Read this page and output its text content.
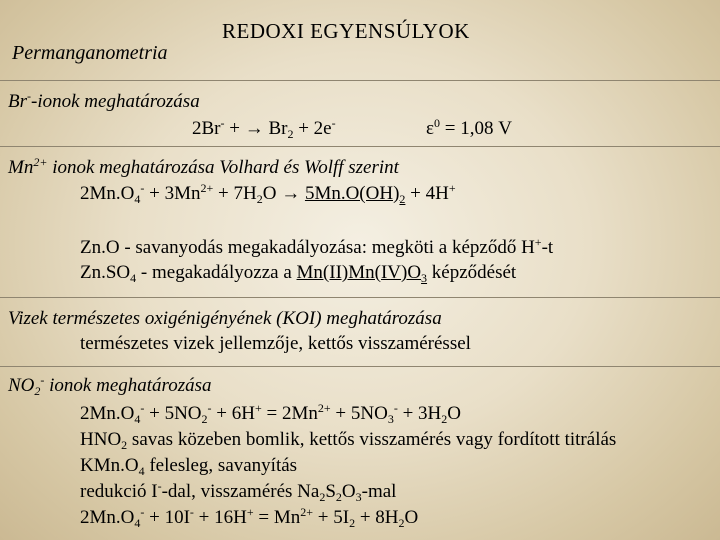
REDOXI EGYENSÚLYOK
Permanganometria
Br--ionok meghatározása
2Br- + → $Br_2 + 2e^-$	$\varepsilon^0 = 1,08$ V
$Mn^{2+}$ ionok meghatározása Volhard és Wolff szerint
$2Mn.O_4^- + 3Mn^{2+} + 7H_2O \to 5Mn.O(OH)_2 + 4H^+$
Zn.O - savanyodás megakadályozása: megköti a képződő H+-t
$Zn.SO_4$ - megakadályozza a $Mn(II)Mn(IV)O_3$ képződését
Vizek természetes oxigénigényének (KOI) meghatározása
természetes vizek jellemzője, kettős visszaméréssel
$NO_2^-$ ionok meghatározása
$2Mn.O_4^- + 5NO_2^- + 6H^+ = 2Mn^{2+} + 5NO_3^- + 3H_2O$
$HNO_2$ savas közeben bomlik, kettős visszamérés vagy fordított titrálás
$KMn.O_4$ felesleg, savanyítás
redukció I--dal, visszamérés $Na_2S_2O_3$-mal
$2Mn.O_4^- + 10I^- + 16H^+ = Mn^{2+} + 5I_2 + 8H_2O$
